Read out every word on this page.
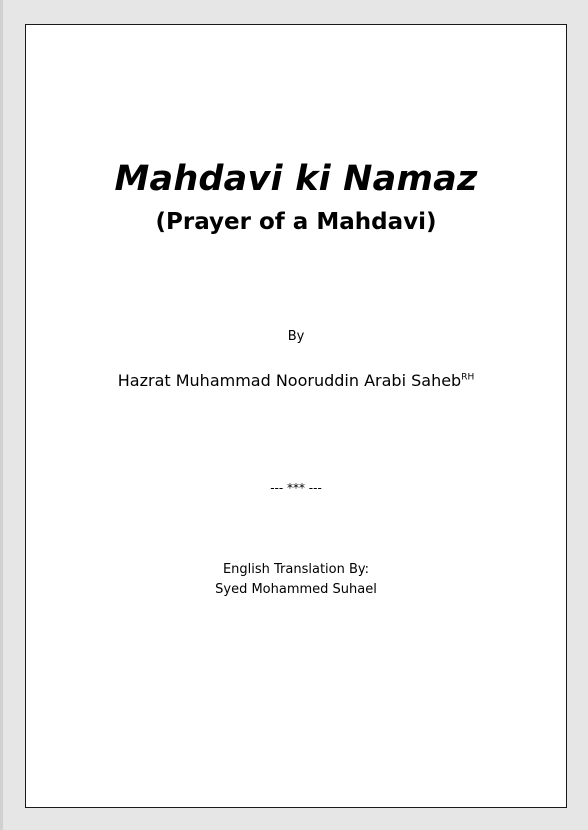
Mahdavi ki Namaz
(Prayer of a Mahdavi)
By
Hazrat Muhammad Nooruddin Arabi Saheb$^{RH}$
--- *** ---
English Translation By:
Syed Mohammed Suhael
